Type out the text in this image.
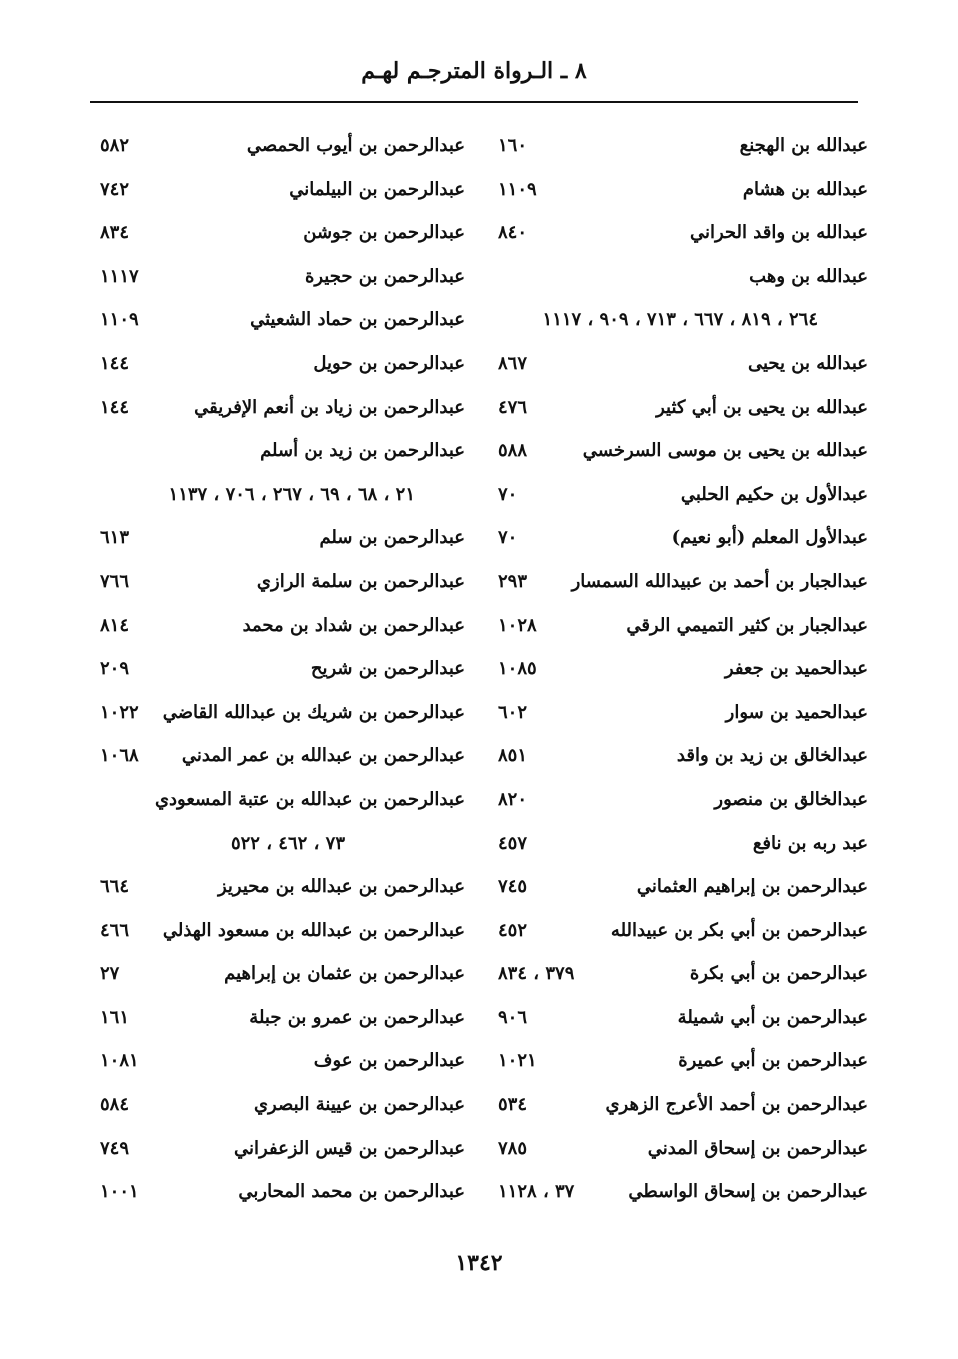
٨ ـ الـرواة المترجـم لهـم
عبدالله بن الهجنع
١٦٠
عبدالله بن هشام
١١٠٩
عبدالله بن واقد الحراني
٨٤٠
عبدالله بن وهب
٢٦٤ ، ٨١٩ ، ٦٦٧ ، ٧١٣ ، ٩٠٩ ، ١١١٧
عبدالله بن يحيى
٨٦٧
عبدالله بن يحيى بن أبي كثير
٤٧٦
عبدالله بن يحيى بن موسى السرخسي
٥٨٨
عبدالأول بن حكيم الحلبي
٧٠
عبدالأول المعلم (أبو نعيم)
٧٠
عبدالجبار بن أحمد بن عبيدالله السمسار
٢٩٣
عبدالجبار بن كثير التميمي الرقي
١٠٢٨
عبدالحميد بن جعفر
١٠٨٥
عبدالحميد بن سوار
٦٠٢
عبدالخالق بن زيد بن واقد
٨٥١
عبدالخالق بن منصور
٨٢٠
عبد ربه بن نافع
٤٥٧
عبدالرحمن بن إبراهيم العثماني
٧٤٥
عبدالرحمن بن أبي بكر بن عبيدالله
٤٥٢
عبدالرحمن بن أبي بكرة
٣٧٩ ، ٨٣٤
عبدالرحمن بن أبي شميلة
٩٠٦
عبدالرحمن بن أبي عميرة
١٠٢١
عبدالرحمن بن أحمد الأعرج الزهري
٥٣٤
عبدالرحمن بن إسحاق المدني
٧٨٥
عبدالرحمن بن إسحاق الواسطي
٣٧ ، ١١٢٨
عبدالرحمن بن أيوب الحمصي
٥٨٢
عبدالرحمن بن البيلماني
٧٤٢
عبدالرحمن بن جوشن
٨٣٤
عبدالرحمن بن حجيرة
١١١٧
عبدالرحمن بن حماد الشعيثي
١١٠٩
عبدالرحمن بن حويل
١٤٤
عبدالرحمن بن زياد بن أنعم الإفريقي
١٤٤
عبدالرحمن بن زيد بن أسلم
٢١ ، ٦٨ ، ٦٩ ، ٢٦٧ ، ٧٠٦ ، ١١٣٧
عبدالرحمن بن سلم
٦١٣
عبدالرحمن بن سلمة الرازي
٧٦٦
عبدالرحمن بن شداد بن محمد
٨١٤
عبدالرحمن بن شريح
٢٠٩
عبدالرحمن بن شريك بن عبدالله القاضي
١٠٢٢
عبدالرحمن بن عبدالله بن عمر المدني
١٠٦٨
عبدالرحمن بن عبدالله بن عتبة المسعودي
٧٣ ، ٤٦٢ ، ٥٢٢
عبدالرحمن بن عبدالله بن محيريز
٦٦٤
عبدالرحمن بن عبدالله بن مسعود الهذلي
٤٦٦
عبدالرحمن بن عثمان بن إبراهيم
٢٧
عبدالرحمن بن عمرو بن جبلة
١٦١
عبدالرحمن بن عوف
١٠٨١
عبدالرحمن بن عيينة البصري
٥٨٤
عبدالرحمن بن قيس الزعفراني
٧٤٩
عبدالرحمن بن محمد المحاربي
١٠٠١
١٣٤٢
